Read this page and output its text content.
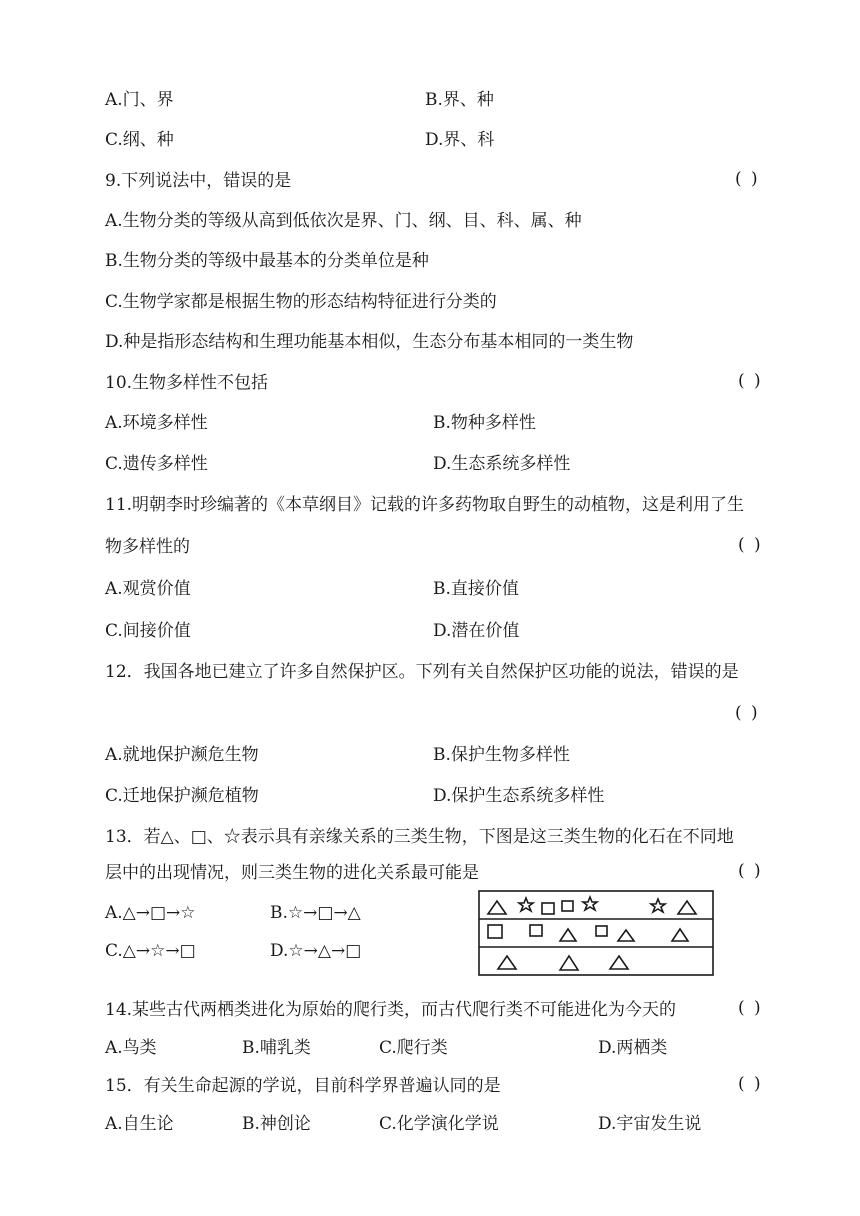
A.门、界	B.界、种
C.纲、种	D.界、科
9.下列说法中，错误的是	( )
A.生物分类的等级从高到低依次是界、门、纲、目、科、属、种
B.生物分类的等级中最基本的分类单位是种
C.生物学家都是根据生物的形态结构特征进行分类的
D.种是指形态结构和生理功能基本相似，生态分布基本相同的一类生物
10.生物多样性不包括	( )
A.环境多样性	B.物种多样性
C.遗传多样性	D.生态系统多样性
11.明朝李时珍编著的《本草纲目》记载的许多药物取自野生的动植物，这是利用了生
物多样性的	( )
A.观赏价值	B.直接价值
C.间接价值	D.潜在价值
12．我国各地已建立了许多自然保护区。下列有关自然保护区功能的说法，错误的是
( )
A.就地保护濒危生物	B.保护生物多样性
C.迁地保护濒危植物	D.保护生态系统多样性
13．若△、□、☆表示具有亲缘关系的三类生物，下图是这三类生物的化石在不同地
层中的出现情况，则三类生物的进化关系最可能是	( )
A.△→□→☆	B.☆→□→△
C.△→☆→□	D.☆→△→□
14.某些古代两栖类进化为原始的爬行类，而古代爬行类不可能进化为今天的	( )
A.鸟类	B.哺乳类	C.爬行类	D.两栖类
15．有关生命起源的学说，目前科学界普遍认同的是	( )
A.自生论	B.神创论	C.化学演化学说	D.宇宙发生说
